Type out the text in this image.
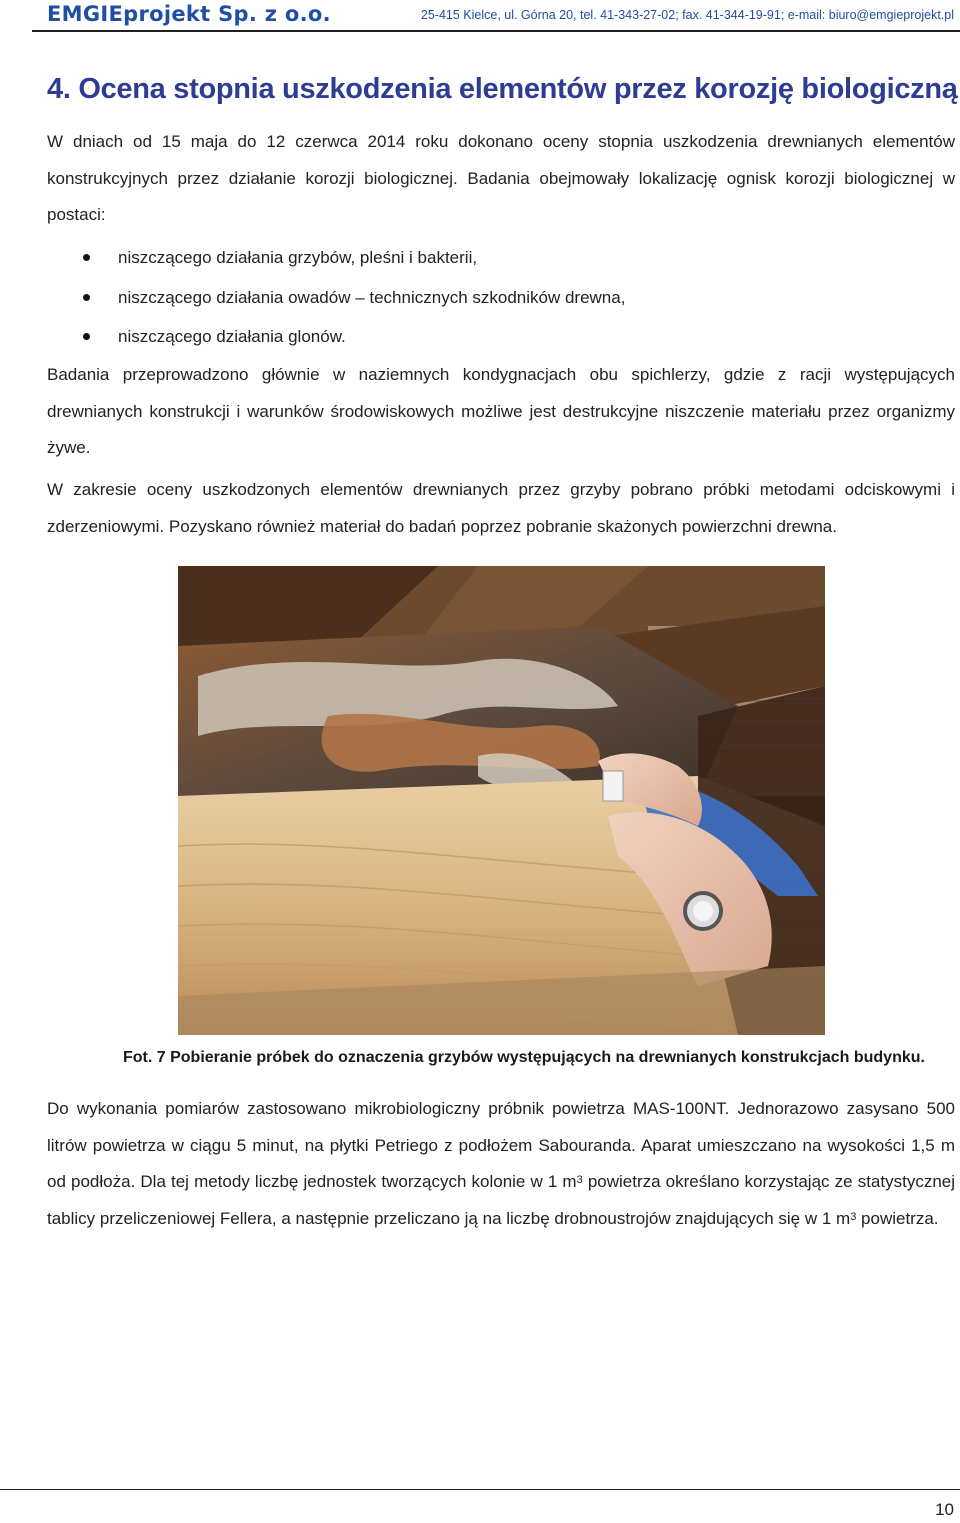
EMGIEprojekt Sp. z o.o.	25-415 Kielce, ul. Górna 20, tel. 41-343-27-02; fax. 41-344-19-91; e-mail: biuro@emgieprojekt.pl
4. Ocena stopnia uszkodzenia elementów przez korozję biologiczną

W dniach od 15 maja do 12 czerwca 2014 roku dokonano oceny stopnia uszkodzenia drewnianych elementów konstrukcyjnych przez działanie korozji biologicznej. Badania obejmowały lokalizację ognisk korozji biologicznej w postaci:

niszczącego działania grzybów, pleśni i bakterii,
niszczącego działania owadów – technicznych szkodników drewna,
niszczącego działania glonów.

Badania przeprowadzono głównie w naziemnych kondygnacjach obu spichlerzy, gdzie z racji występujących drewnianych konstrukcji i warunków środowiskowych możliwe jest destrukcyjne niszczenie materiału przez organizmy żywe.

W zakresie oceny uszkodzonych elementów drewnianych przez grzyby pobrano próbki metodami odciskowymi i zderzeniowymi. Pozyskano również materiał do badań poprzez pobranie skażonych powierzchni drewna.

Fot. 7 Pobieranie próbek do oznaczenia grzybów występujących na drewnianych konstrukcjach budynku.

Do wykonania pomiarów zastosowano mikrobiologiczny próbnik powietrza MAS-100NT. Jednorazowo zasysano 500 litrów powietrza w ciągu 5 minut, na płytki Petriego z podłożem Sabouranda. Aparat umieszczano na wysokości 1,5 m od podłoża. Dla tej metody liczbę jednostek tworzących kolonie w 1 $m^3$ powietrza określano korzystając ze statystycznej tablicy przeliczeniowej Fellera, a następnie przeliczano ją na liczbę drobnoustrojów znajdujących się w 1 $m^3$ powietrza.

10
